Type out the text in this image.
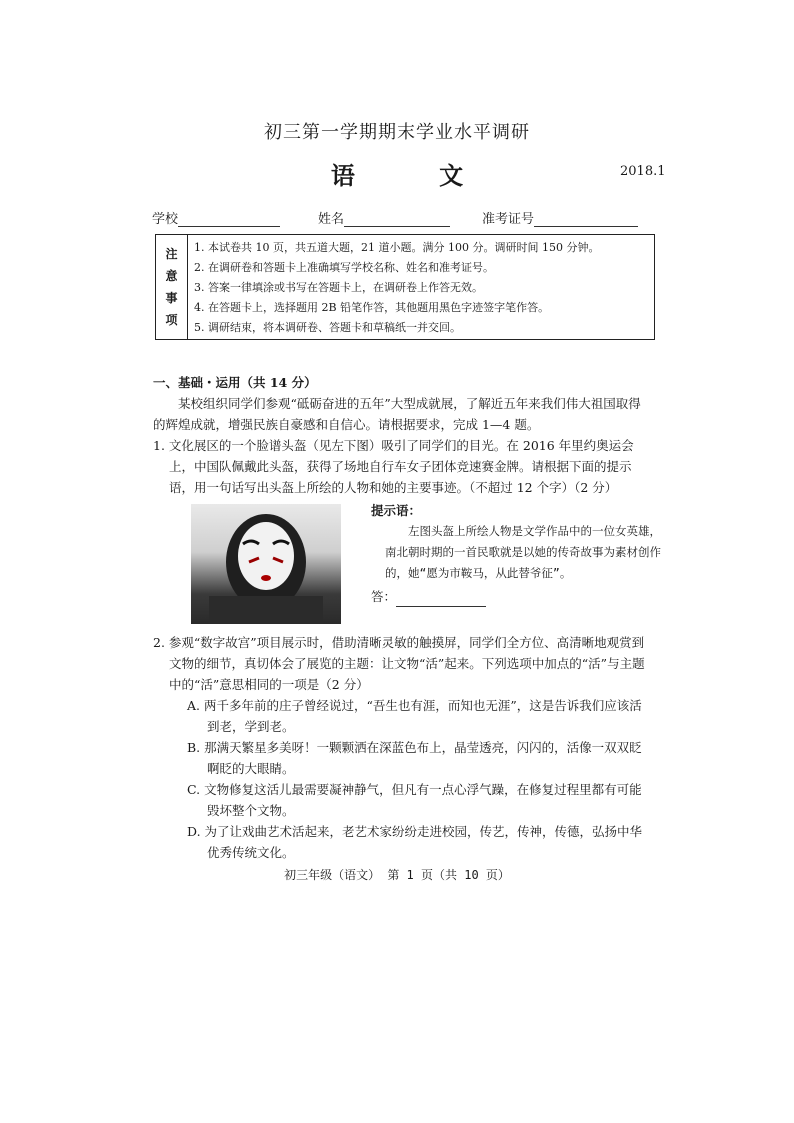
初三第一学期期末学业水平调研
语 文	2018.1
学校	姓名	准考证号
注意事项
1. 本试卷共 10 页，共五道大题，21 道小题。满分 100 分。调研时间 150 分钟。
2. 在调研卷和答题卡上准确填写学校名称、姓名和准考证号。
3. 答案一律填涂或书写在答题卡上，在调研卷上作答无效。
4. 在答题卡上，选择题用 2B 铅笔作答，其他题用黑色字迹签字笔作答。
5. 调研结束，将本调研卷、答题卡和草稿纸一并交回。
一、基础・运用（共 14 分）
某校组织同学们参观“砥砺奋进的五年”大型成就展，了解近五年来我们伟大祖国取得的辉煌成就，增强民族自豪感和自信心。请根据要求，完成 1—4 题。
1. 文化展区的一个脸谱头盔（见左下图）吸引了同学们的目光。在 2016 年里约奥运会上，中国队佩戴此头盔，获得了场地自行车女子团体竞速赛金牌。请根据下面的提示语，用一句话写出头盔上所绘的人物和她的主要事迹。（不超过 12 个字）（2 分）
提示语：
左图头盔上所绘人物是文学作品中的一位女英雄，南北朝时期的一首民歌就是以她的传奇故事为素材创作的，她“愿为市鞍马，从此替爷征”。
答：
2. 参观“数字故宫”项目展示时，借助清晰灵敏的触摸屏，同学们全方位、高清晰地观赏到文物的细节，真切体会了展览的主题：让文物“活”起来。下列选项中加点的“活”与主题中的“活”意思相同的一项是（2 分）
A. 两千多年前的庄子曾经说过，“吾生也有涯，而知也无涯”，这是告诉我们应该活到老，学到老。
B. 那满天繁星多美呀！一颗颗洒在深蓝色布上，晶莹透亮，闪闪的，活像一双双眨啊眨的大眼睛。
C. 文物修复这活儿最需要凝神静气，但凡有一点心浮气躁，在修复过程里都有可能毁坏整个文物。
D. 为了让戏曲艺术活起来，老艺术家纷纷走进校园，传艺，传神，传德，弘扬中华优秀传统文化。
初三年级（语文） 第 1 页（共 10 页）
